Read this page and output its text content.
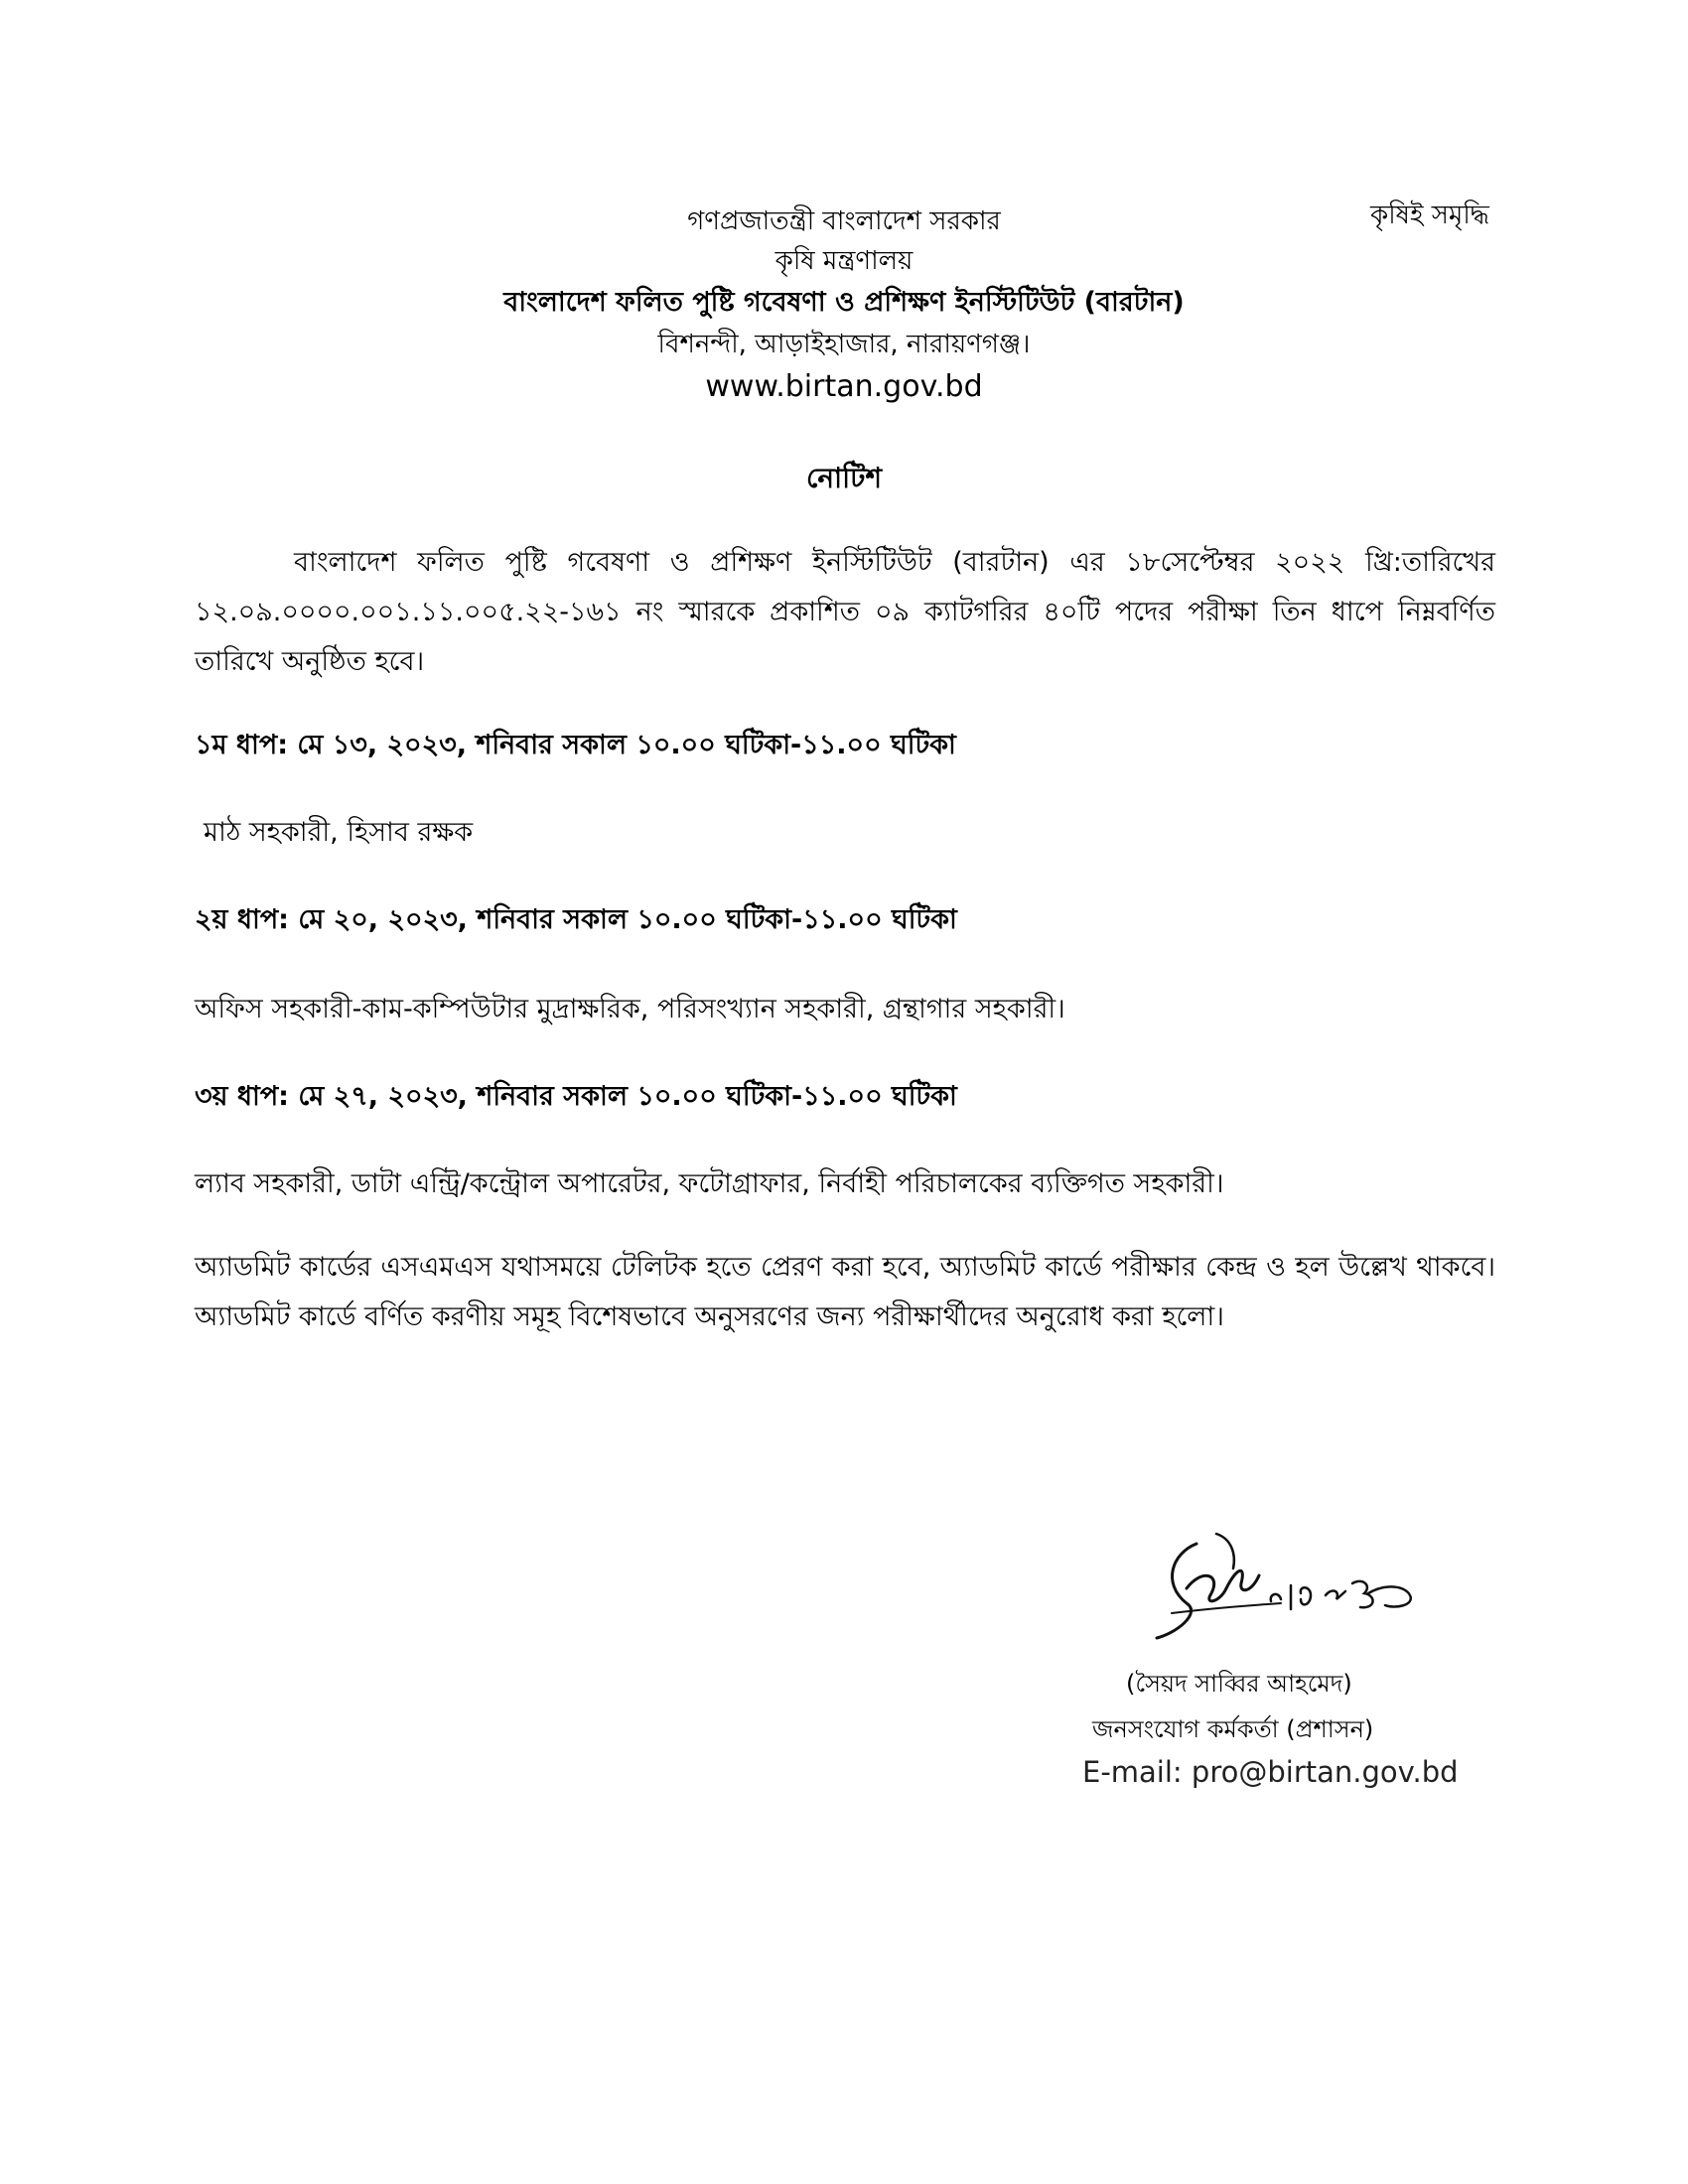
কৃষিই সমৃদ্ধি
গণপ্রজাতন্ত্রী বাংলাদেশ সরকার
কৃষি মন্ত্রণালয়
বাংলাদেশ ফলিত পুষ্টি গবেষণা ও প্রশিক্ষণ ইনস্টিটিউট (বারটান)
বিশনন্দী, আড়াইহাজার, নারায়ণগঞ্জ।
www.birtan.gov.bd
নোটিশ
বাংলাদেশ ফলিত পুষ্টি গবেষণা ও প্রশিক্ষণ ইনস্টিটিউট (বারটান) এর ১৮সেপ্টেম্বর ২০২২ খ্রি:তারিখের ১২.০৯.০০০০.০০১.১১.০০৫.২২-১৬১ নং স্মারকে প্রকাশিত ০৯ ক্যাটগরির ৪০টি পদের পরীক্ষা তিন ধাপে নিম্নবর্ণিত তারিখে অনুষ্ঠিত হবে।
১ম ধাপ: মে ১৩, ২০২৩, শনিবার সকাল ১০.০০ ঘটিকা-১১.০০ ঘটিকা
মাঠ সহকারী, হিসাব রক্ষক
২য় ধাপ: মে ২০, ২০২৩, শনিবার সকাল ১০.০০ ঘটিকা-১১.০০ ঘটিকা
অফিস সহকারী-কাম-কম্পিউটার মুদ্রাক্ষরিক, পরিসংখ্যান সহকারী, গ্রন্থাগার সহকারী।
৩য় ধাপ: মে ২৭, ২০২৩, শনিবার সকাল ১০.০০ ঘটিকা-১১.০০ ঘটিকা
ল্যাব সহকারী, ডাটা এন্ট্রি/কন্ট্রোল অপারেটর, ফটোগ্রাফার, নির্বাহী পরিচালকের ব্যক্তিগত সহকারী।
অ্যাডমিট কার্ডের এসএমএস যথাসময়ে টেলিটক হতে প্রেরণ করা হবে, অ্যাডমিট কার্ডে পরীক্ষার কেন্দ্র ও হল উল্লেখ থাকবে। অ্যাডমিট কার্ডে বর্ণিত করণীয় সমূহ বিশেষভাবে অনুসরণের জন্য পরীক্ষার্থীদের অনুরোধ করা হলো।
(সৈয়দ সাব্বির আহমেদ)
জনসংযোগ কর্মকর্তা (প্রশাসন)
E-mail: pro@birtan.gov.bd
